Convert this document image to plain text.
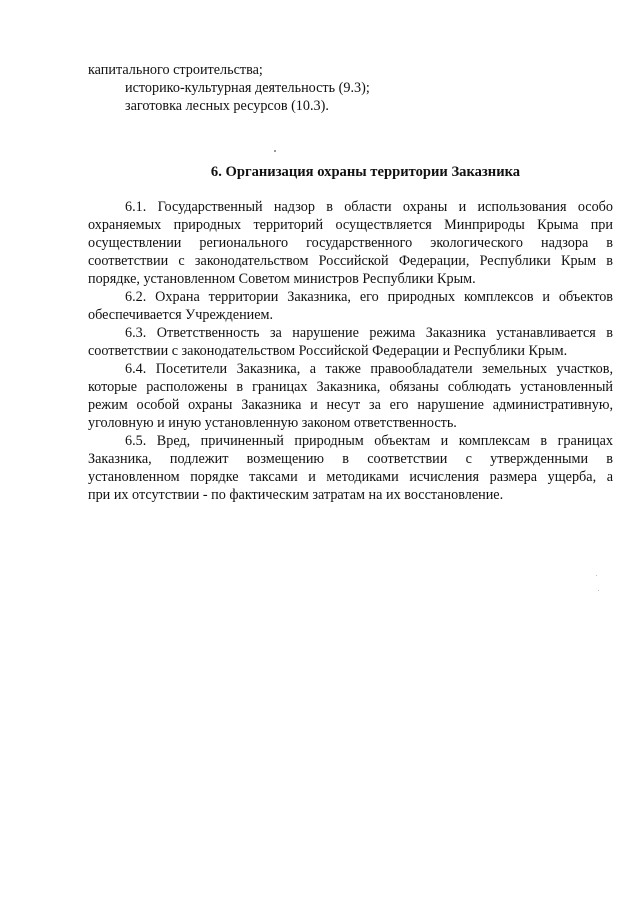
капитального строительства;
историко-культурная деятельность (9.3);
заготовка лесных ресурсов (10.3).
6. Организация охраны территории Заказника
6.1. Государственный надзор в области охраны и использования особо
охраняемых природных территорий осуществляется Минприроды Крыма при
осуществлении регионального государственного экологического надзора в
соответствии с законодательством Российской Федерации, Республики Крым в
порядке, установленном Советом министров Республики Крым.
6.2. Охрана территории Заказника, его природных комплексов и объектов
обеспечивается Учреждением.
6.3. Ответственность за нарушение режима Заказника устанавливается в
соответствии с законодательством Российской Федерации и Республики Крым.
6.4. Посетители Заказника, а также правообладатели земельных участков,
которые расположены в границах Заказника, обязаны соблюдать установленный
режим особой охраны Заказника и несут за его нарушение административную,
уголовную и иную установленную законом ответственность.
6.5. Вред, причиненный природным объектам и комплексам в границах
Заказника, подлежит возмещению в соответствии с утвержденными в
установленном порядке таксами и методиками исчисления размера ущерба, а
при их отсутствии - по фактическим затратам на их восстановление.
